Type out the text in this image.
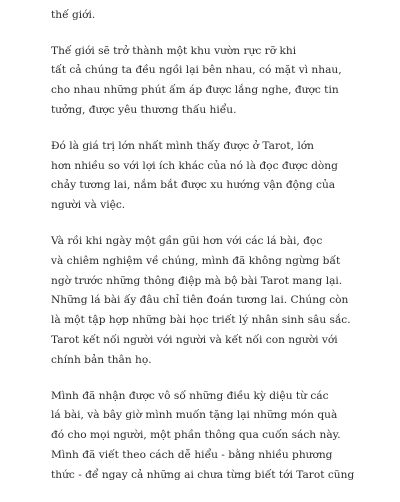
thế giới.

Thế giới sẽ trở thành một khu vườn rực rỡ khi
tất cả chúng ta đều ngồi lại bên nhau, có mặt vì nhau,
cho nhau những phút ấm áp được lắng nghe, được tin
tưởng, được yêu thương thấu hiểu.

Đó là giá trị lớn nhất mình thấy được ở Tarot, lớn
hơn nhiều so với lợi ích khác của nó là đọc được dòng
chảy tương lai, nắm bắt được xu hướng vận động của
người và việc.

Và rồi khi ngày một gần gũi hơn với các lá bài, đọc
và chiêm nghiệm về chúng, mình đã không ngừng bất
ngờ trước những thông điệp mà bộ bài Tarot mang lại.
Những lá bài ấy đâu chỉ tiên đoán tương lai. Chúng còn
là một tập hợp những bài học triết lý nhân sinh sâu sắc.
Tarot kết nối người với người và kết nối con người với
chính bản thân họ.

Mình đã nhận được vô số những điều kỳ diệu từ các
lá bài, và bây giờ mình muốn tặng lại những món quà
đó cho mọi người, một phần thông qua cuốn sách này.
Mình đã viết theo cách dễ hiểu - bằng nhiều phương
thức - để ngay cả những ai chưa từng biết tới Tarot cũng
